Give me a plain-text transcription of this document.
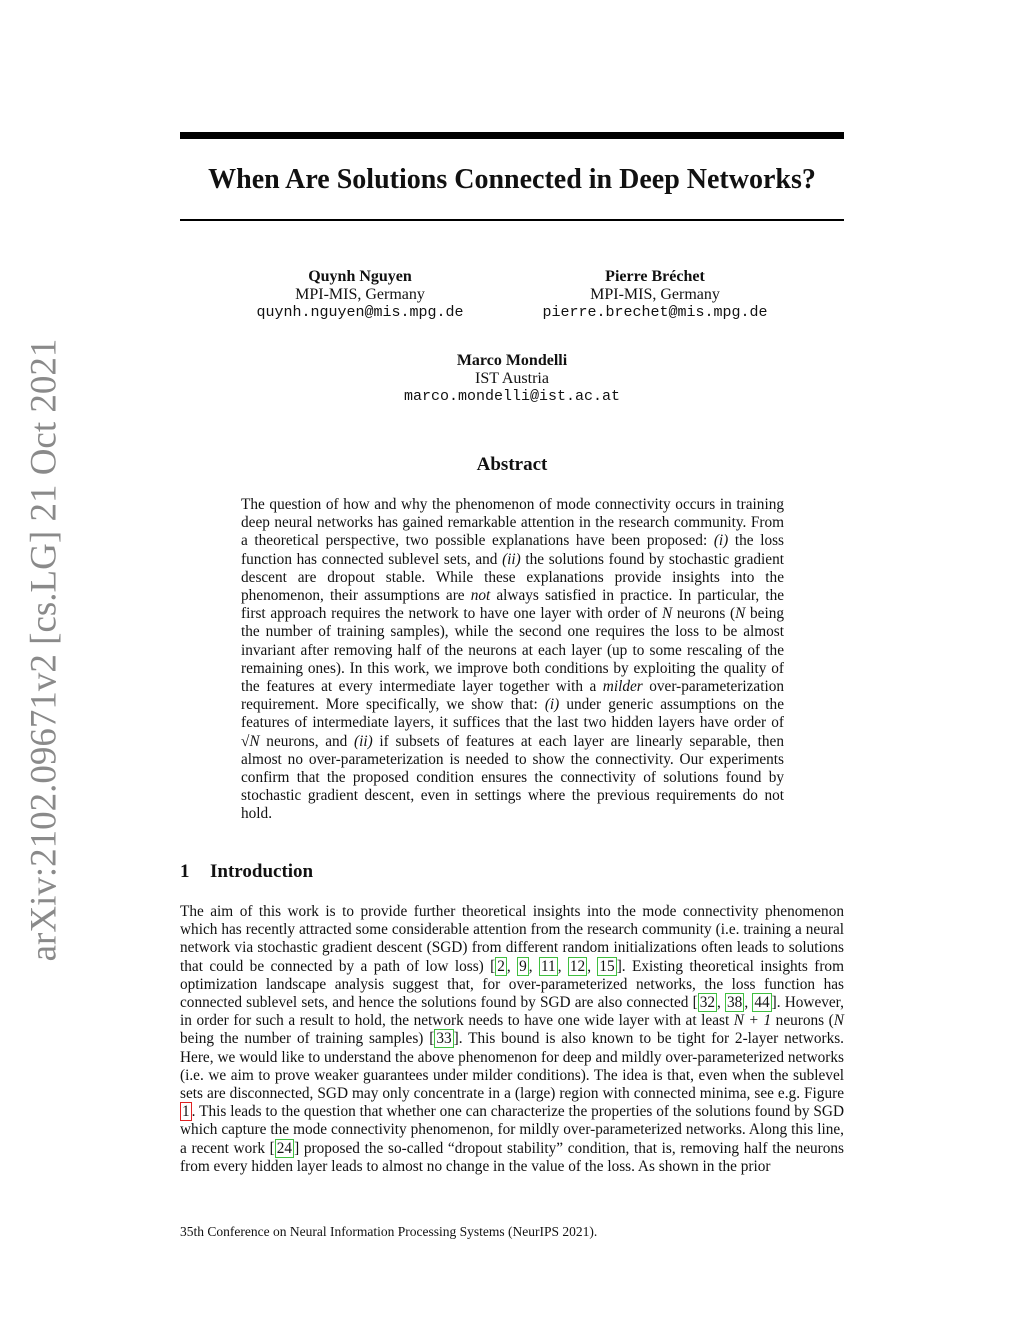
arXiv:2102.09671v2 [cs.LG] 21 Oct 2021
When Are Solutions Connected in Deep Networks?
Quynh Nguyen
MPI-MIS, Germany
quynh.nguyen@mis.mpg.de
Pierre Bréchet
MPI-MIS, Germany
pierre.brechet@mis.mpg.de
Marco Mondelli
IST Austria
marco.mondelli@ist.ac.at
Abstract

The question of how and why the phenomenon of mode connectivity occurs in training deep neural networks has gained remarkable attention in the research community. From a theoretical perspective, two possible explanations have been proposed: (i) the loss function has connected sublevel sets, and (ii) the solutions found by stochastic gradient descent are dropout stable. While these explanations provide insights into the phenomenon, their assumptions are not always satisfied in practice. In particular, the first approach requires the network to have one layer with order of N neurons (N being the number of training samples), while the second one requires the loss to be almost invariant after removing half of the neurons at each layer (up to some rescaling of the remaining ones). In this work, we improve both conditions by exploiting the quality of the features at every intermediate layer together with a milder over-parameterization requirement. More specifically, we show that: (i) under generic assumptions on the features of intermediate layers, it suffices that the last two hidden layers have order of √N neurons, and (ii) if subsets of features at each layer are linearly separable, then almost no over-parameterization is needed to show the connectivity. Our experiments confirm that the proposed condition ensures the connectivity of solutions found by stochastic gradient descent, even in settings where the previous requirements do not hold.

1 Introduction

The aim of this work is to provide further theoretical insights into the mode connectivity phenomenon which has recently attracted some considerable attention from the research community (i.e. training a neural network via stochastic gradient descent (SGD) from different random initializations often leads to solutions that could be connected by a path of low loss) [ 2 , 9 , 11 , 12 , 15 ]. Existing theoretical insights from optimization landscape analysis suggest that, for over-parameterized networks, the loss function has connected sublevel sets, and hence the solutions found by SGD are also connected [ 32 , 38 , 44 ]. However, in order for such a result to hold, the network needs to have one wide layer with at least N + 1 neurons (N being the number of training samples) [ 33 ]. This bound is also known to be tight for 2-layer networks. Here, we would like to understand the above phenomenon for deep and mildly over-parameterized networks (i.e. we aim to prove weaker guarantees under milder conditions). The idea is that, even when the sublevel sets are disconnected, SGD may only concentrate in a (large) region with connected minima, see e.g. Figure 1 . This leads to the question that whether one can characterize the properties of the solutions found by SGD which capture the mode connectivity phenomenon, for mildly over-parameterized networks. Along this line, a recent work [ 24 ] proposed the so-called “dropout stability” condition, that is, removing half the neurons from every hidden layer leads to almost no change in the value of the loss. As shown in the prior

35th Conference on Neural Information Processing Systems (NeurIPS 2021).
